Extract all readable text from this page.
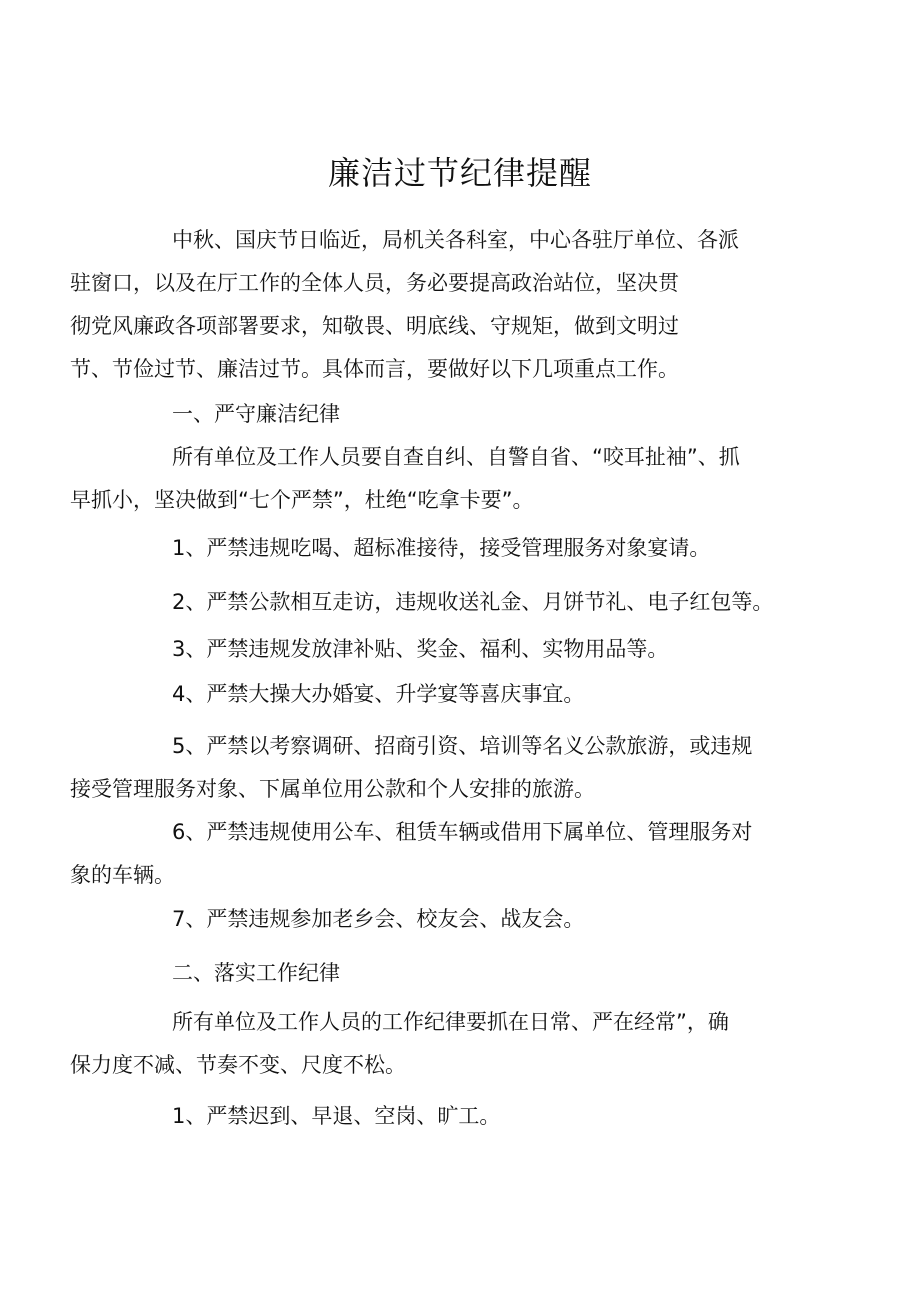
廉洁过节纪律提醒

中秋、国庆节日临近，局机关各科室，中心各驻厅单位、各派
驻窗口，以及在厅工作的全体人员，务必要提高政治站位，坚决贯
彻党风廉政各项部署要求，知敬畏、明底线、守规矩，做到文明过
节、节俭过节、廉洁过节。具体而言，要做好以下几项重点工作。

一、严守廉洁纪律

所有单位及工作人员要自查自纠、自警自省、“咬耳扯袖”、抓
早抓小，坚决做到“七个严禁”，杜绝“吃拿卡要”。

1、严禁违规吃喝、超标准接待，接受管理服务对象宴请。

2、严禁公款相互走访，违规收送礼金、月饼节礼、电子红包等。

3、严禁违规发放津补贴、奖金、福利、实物用品等。

4、严禁大操大办婚宴、升学宴等喜庆事宜。

5、严禁以考察调研、招商引资、培训等名义公款旅游，或违规
接受管理服务对象、下属单位用公款和个人安排的旅游。

6、严禁违规使用公车、租赁车辆或借用下属单位、管理服务对
象的车辆。

7、严禁违规参加老乡会、校友会、战友会。

二、落实工作纪律

所有单位及工作人员的工作纪律要抓在日常、严在经常”，确
保力度不减、节奏不变、尺度不松。

1、严禁迟到、早退、空岗、旷工。
